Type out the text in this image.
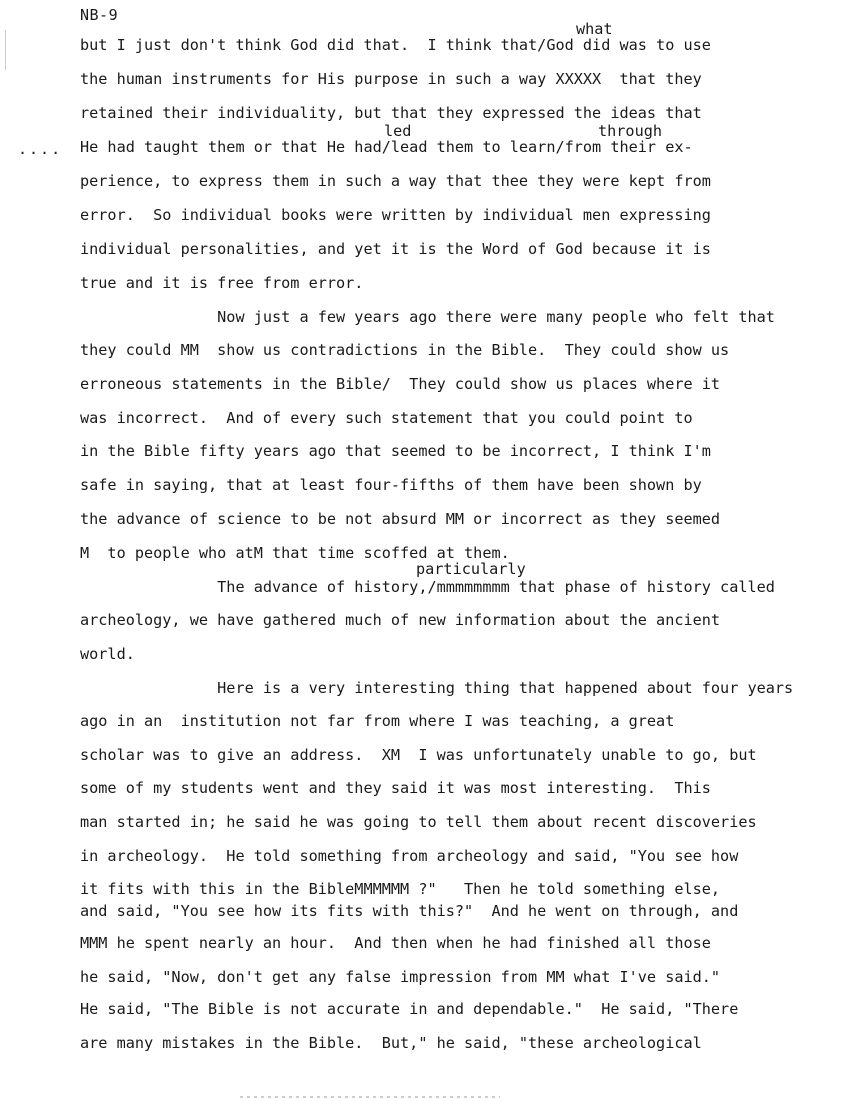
NB-9
....
what
led	through
particularly
but I just don't think God did that.  I think that/God did was to use
the human instruments for His purpose in such a way XXXXX  that they
retained their individuality, but that they expressed the ideas that
He had taught them or that He had/lead them to learn/from their ex-
perience, to express them in such a way that thee they were kept from
error.  So individual books were written by individual men expressing
individual personalities, and yet it is the Word of God because it is
true and it is free from error.
Now just a few years ago there were many people who felt that
they could MM  show us contradictions in the Bible.  They could show us
erroneous statements in the Bible/  They could show us places where it
was incorrect.  And of every such statement that you could point to
in the Bible fifty years ago that seemed to be incorrect, I think I'm
safe in saying, that at least four-fifths of them have been shown by
the advance of science to be not absurd MM or incorrect as they seemed
M  to people who atM that time scoffed at them.
The advance of history,/mmmmmmmm that phase of history called
archeology, we have gathered much of new information about the ancient
world.
Here is a very interesting thing that happened about four years
ago in an  institution not far from where I was teaching, a great
scholar was to give an address.  XM  I was unfortunately unable to go, but
some of my students went and they said it was most interesting.  This
man started in; he said he was going to tell them about recent discoveries
in archeology.  He told something from archeology and said, "You see how
it fits with this in the BibleMMMMMM ?"   Then he told something else,
and said, "You see how its fits with this?"  And he went on through, and
MMM he spent nearly an hour.  And then when he had finished all those
he said, "Now, don't get any false impression from MM what I've said."
He said, "The Bible is not accurate in and dependable."  He said, "There
are many mistakes in the Bible.  But," he said, "these archeological
